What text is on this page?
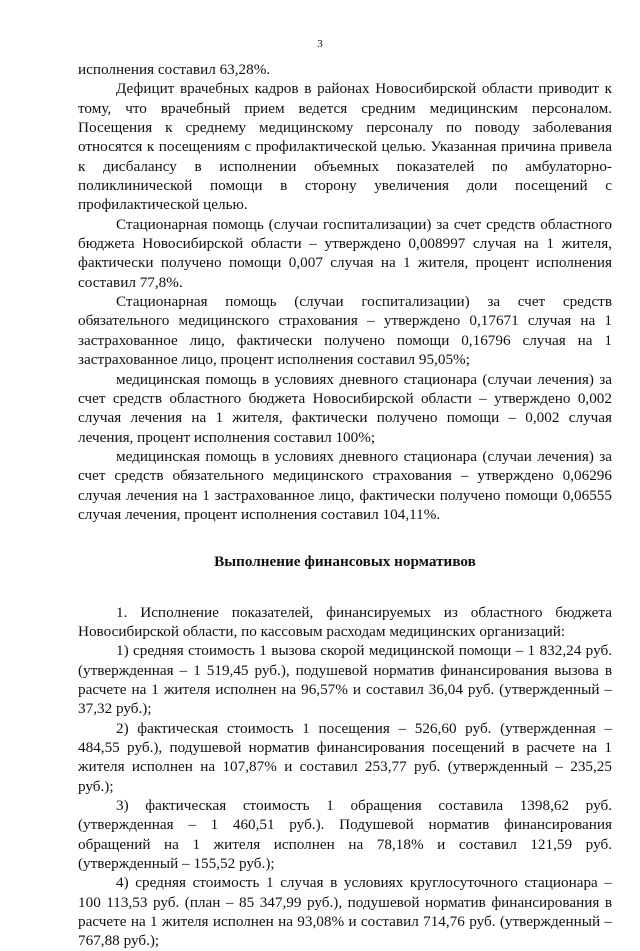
3

исполнения составил 63,28%.

Дефицит врачебных кадров в районах Новосибирской области приводит к тому, что врачебный прием ведется средним медицинским персоналом. Посещения к среднему медицинскому персоналу по поводу заболевания относятся к посещениям с профилактической целью. Указанная причина привела к дисбалансу в исполнении объемных показателей по амбулаторно-поликлинической помощи в сторону увеличения доли посещений с профилактической целью.

Стационарная помощь (случаи госпитализации) за счет средств областного бюджета Новосибирской области – утверждено 0,008997 случая на 1 жителя, фактически получено помощи 0,007 случая на 1 жителя, процент исполнения составил 77,8%.

Стационарная помощь (случаи госпитализации) за счет средств обязательного медицинского страхования – утверждено 0,17671 случая на 1 застрахованное лицо, фактически получено помощи 0,16796 случая на 1 застрахованное лицо, процент исполнения составил 95,05%;

медицинская помощь в условиях дневного стационара (случаи лечения) за счет средств областного бюджета Новосибирской области – утверждено 0,002 случая лечения на 1 жителя, фактически получено помощи – 0,002 случая лечения, процент исполнения составил 100%;

медицинская помощь в условиях дневного стационара (случаи лечения) за счет средств обязательного медицинского страхования – утверждено 0,06296 случая лечения на 1 застрахованное лицо, фактически получено помощи 0,06555 случая лечения, процент исполнения составил 104,11%.

Выполнение финансовых нормативов

1. Исполнение показателей, финансируемых из областного бюджета Новосибирской области, по кассовым расходам медицинских организаций:

1) средняя стоимость 1 вызова скорой медицинской помощи – 1 832,24 руб. (утвержденная – 1 519,45 руб.), подушевой норматив финансирования вызова в расчете на 1 жителя исполнен на 96,57% и составил 36,04 руб. (утвержденный – 37,32 руб.);

2) фактическая стоимость 1 посещения – 526,60 руб. (утвержденная – 484,55 руб.), подушевой норматив финансирования посещений в расчете на 1 жителя исполнен на 107,87% и составил 253,77 руб. (утвержденный – 235,25 руб.);

3) фактическая стоимость 1 обращения составила 1398,62 руб. (утвержденная – 1 460,51 руб.). Подушевой норматив финансирования обращений на 1 жителя исполнен на 78,18% и составил 121,59 руб. (утвержденный – 155,52 руб.);

4) средняя стоимость 1 случая в условиях круглосуточного стационара – 100 113,53 руб. (план – 85 347,99 руб.), подушевой норматив финансирования в расчете на 1 жителя исполнен на 93,08% и составил 714,76 руб. (утвержденный – 767,88 руб.);
